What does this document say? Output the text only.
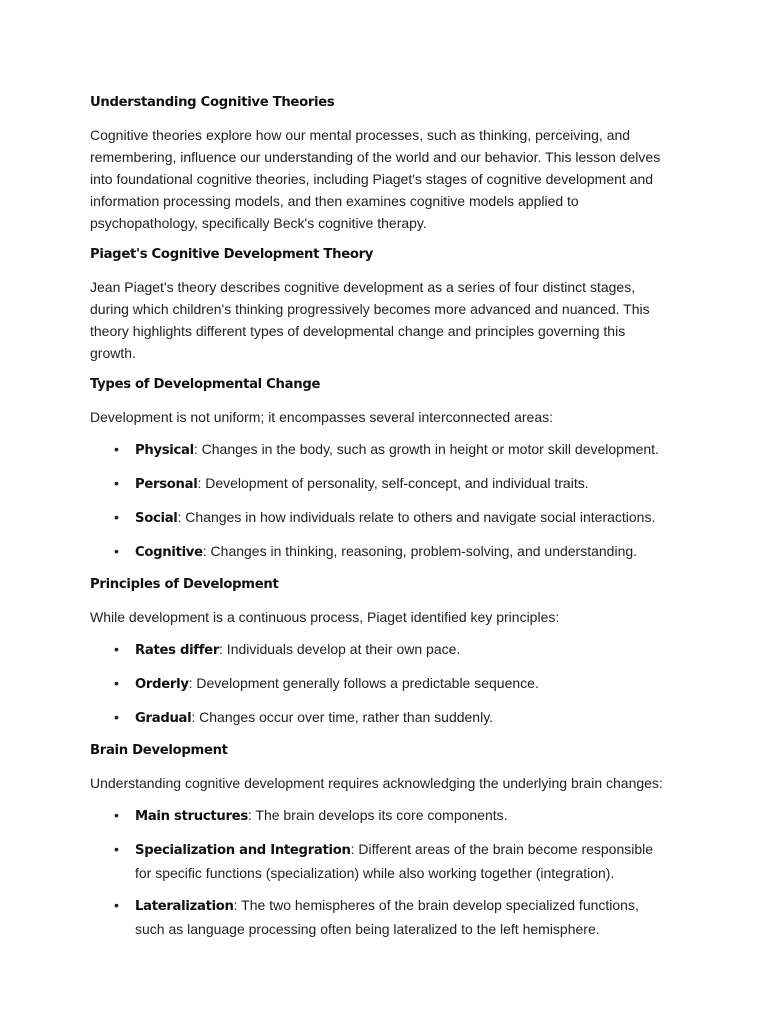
Understanding Cognitive Theories

Cognitive theories explore how our mental processes, such as thinking, perceiving, and remembering, influence our understanding of the world and our behavior. This lesson delves into foundational cognitive theories, including Piaget's stages of cognitive development and information processing models, and then examines cognitive models applied to psychopathology, specifically Beck's cognitive therapy.

Piaget's Cognitive Development Theory

Jean Piaget's theory describes cognitive development as a series of four distinct stages, during which children's thinking progressively becomes more advanced and nuanced. This theory highlights different types of developmental change and principles governing this growth.

Types of Developmental Change

Development is not uniform; it encompasses several interconnected areas:

• Physical: Changes in the body, such as growth in height or motor skill development.
• Personal: Development of personality, self-concept, and individual traits.
• Social: Changes in how individuals relate to others and navigate social interactions.
• Cognitive: Changes in thinking, reasoning, problem-solving, and understanding.
Principles of Development

While development is a continuous process, Piaget identified key principles:

• Rates differ: Individuals develop at their own pace.
• Orderly: Development generally follows a predictable sequence.
• Gradual: Changes occur over time, rather than suddenly.
Brain Development

Understanding cognitive development requires acknowledging the underlying brain changes:

• Main structures: The brain develops its core components.
• Specialization and Integration: Different areas of the brain become responsible for specific functions (specialization) while also working together (integration).
• Lateralization: The two hemispheres of the brain develop specialized functions, such as language processing often being lateralized to the left hemisphere.
